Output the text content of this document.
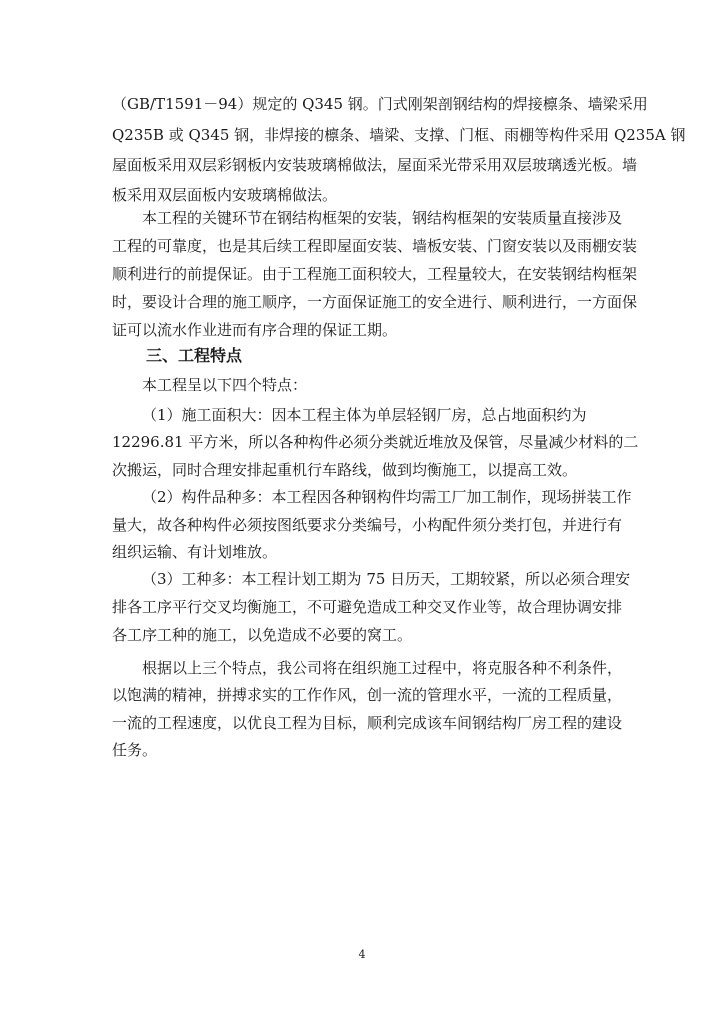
（GB/T1591－94）规定的 Q345 钢。门式刚架剖钢结构的焊接檩条、墙梁采用
Q235B 或 Q345 钢，非焊接的檩条、墙梁、支撑、门框、雨棚等构件采用 Q235A 钢
屋面板采用双层彩钢板内安装玻璃棉做法，屋面采光带采用双层玻璃透光板。墙
板采用双层面板内安玻璃棉做法。
本工程的关键环节在钢结构框架的安装，钢结构框架的安装质量直接涉及
工程的可靠度，也是其后续工程即屋面安装、墙板安装、门窗安装以及雨棚安装
顺利进行的前提保证。由于工程施工面积较大，工程量较大，在安装钢结构框架
时，要设计合理的施工顺序，一方面保证施工的安全进行、顺利进行，一方面保
证可以流水作业进而有序合理的保证工期。
三、工程特点
本工程呈以下四个特点：
（1）施工面积大：因本工程主体为单层轻钢厂房，总占地面积约为
12296.81 平方米，所以各种构件必须分类就近堆放及保管，尽量减少材料的二
次搬运，同时合理安排起重机行车路线，做到均衡施工，以提高工效。
（2）构件品种多：本工程因各种钢构件均需工厂加工制作，现场拼装工作
量大，故各种构件必须按图纸要求分类编号，小构配件须分类打包，并进行有
组织运输、有计划堆放。
（3）工种多：本工程计划工期为 75 日历天，工期较紧，所以必须合理安
排各工序平行交叉均衡施工，不可避免造成工种交叉作业等，故合理协调安排
各工序工种的施工，以免造成不必要的窝工。
根据以上三个特点，我公司将在组织施工过程中，将克服各种不利条件，
以饱满的精神，拼搏求实的工作作风，创一流的管理水平，一流的工程质量，
一流的工程速度，以优良工程为目标，顺利完成该车间钢结构厂房工程的建设
任务。
4
